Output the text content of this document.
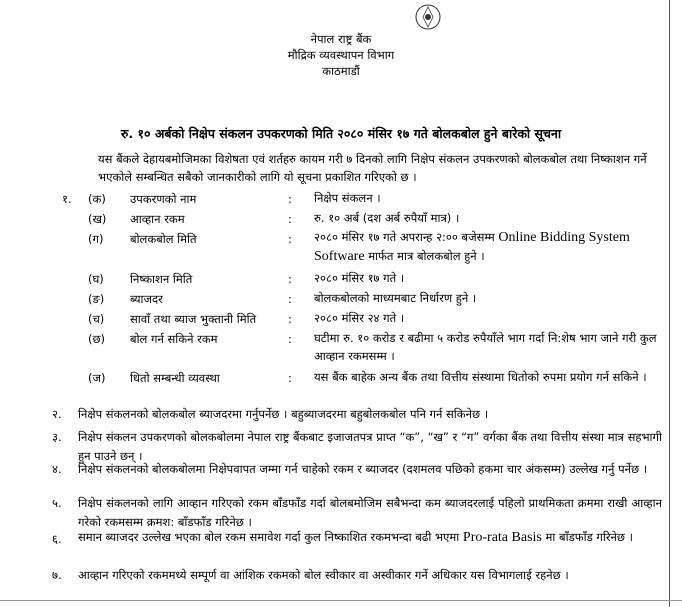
नेपाल राष्ट्र बैंक
मौद्रिक व्यवस्थापन विभाग
काठमाडौं
रु. १० अर्बको निक्षेप संकलन उपकरणको मिति २०८० मंसिर १७ गते बोलकबोल हुने बारेको सूचना
यस बैंकले देहायबमोजिमका विशेषता एवं शर्तहरु कायम गरी ७ दिनको लागि निक्षेप संकलन उपकरणको बोलकबोल तथा निष्काशन गर्ने भएकोले सम्बन्धित सबैको जानकारीको लागि यो सूचना प्रकाशित गरिएको छ ।
१. (क) उपकरणको नाम	: निक्षेप संकलन ।
(ख) आव्हान रकम	: रु. १० अर्ब (दश अर्ब रुपैयाँ मात्र) ।
(ग) बोलकबोल मिति	: २०८० मंसिर १७ गते अपरान्ह २:०० बजेसम्म Online Bidding System Software मार्फत मात्र बोलकबोल हुने ।
(घ) निष्काशन मिति	: २०८० मंसिर १७ गते ।
(ङ) ब्याजदर	: बोलकबोलको माध्यमबाट निर्धारण हुने ।
(च) सावाँ तथा ब्याज भुक्तानी मिति	: २०८० मंसिर २४ गते ।
(छ) बोल गर्न सकिने रकम	: घटीमा रु. १० करोड र बढीमा ५ करोड रुपैयाँले भाग गर्दा नि:शेष भाग जाने गरी कुल आव्हान रकमसम्म ।
(ज) धितो सम्बन्धी व्यवस्था	: यस बैंक बाहेक अन्य बैंक तथा वित्तीय संस्थामा धितोको रुपमा प्रयोग गर्न सकिने ।
२. निक्षेप संकलनको बोलकबोल ब्याजदरमा गर्नुपर्नेछ । बहुब्याजदरमा बहुबोलकबोल पनि गर्न सकिनेछ ।
३. निक्षेप संकलन उपकरणको बोलकबोलमा नेपाल राष्ट्र बैंकबाट इजाजतपत्र प्राप्त “क”, “ख” र “ग” वर्गका बैंक तथा वित्तीय संस्था मात्र सहभागी हुन पाउने छन् ।
४. निक्षेप संकलनको बोलकबोलमा निक्षेपवापत जम्मा गर्न चाहेको रकम र ब्याजदर (दशमलव पछिको हकमा चार अंकसम्म) उल्लेख गर्नु पर्नेछ ।
५. निक्षेप संकलनको लागि आव्हान गरिएको रकम बाँडफाँड गर्दा बोलबमोजिम सबैभन्दा कम ब्याजदरलाई पहिलो प्राथमिकता क्रममा राखी आव्हान गरेको रकमसम्म क्रमश: बाँडफाँड गरिनेछ ।
६. समान ब्याजदर उल्लेख भएका बोल रकम समावेश गर्दा कुल निष्काशित रकमभन्दा बढी भएमा Pro-rata Basis मा बाँडफाँड गरिनेछ ।
७. आव्हान गरिएको रकममध्ये सम्पूर्ण वा आंशिक रकमको बोल स्वीकार वा अस्वीकार गर्ने अधिकार यस विभागलाई रहनेछ ।
